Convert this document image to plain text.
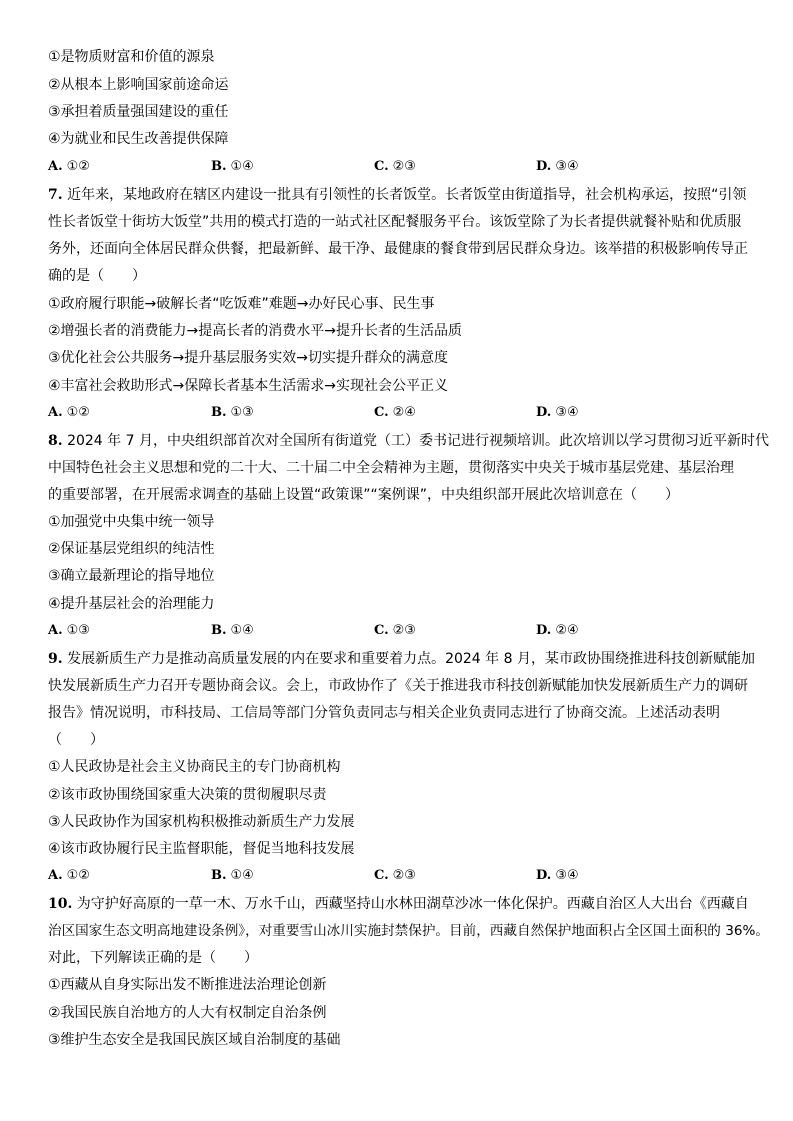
①是物质财富和价值的源泉
②从根本上影响国家前途命运
③承担着质量强国建设的重任
④为就业和民生改善提供保障
A. ①②	B. ①④	C. ②③	D. ③④
7. 近年来，某地政府在辖区内建设一批具有引领性的长者饭堂。长者饭堂由街道指导，社会机构承运，按照“引领
性长者饭堂十街坊大饭堂”共用的模式打造的一站式社区配餐服务平台。该饭堂除了为长者提供就餐补贴和优质服
务外，还面向全体居民群众供餐，把最新鲜、最干净、最健康的餐食带到居民群众身边。该举措的积极影响传导正
确的是（　　）
①政府履行职能→破解长者“吃饭难”难题→办好民心事、民生事
②增强长者的消费能力→提高长者的消费水平→提升长者的生活品质
③优化社会公共服务→提升基层服务实效→切实提升群众的满意度
④丰富社会救助形式→保障长者基本生活需求→实现社会公平正义
A. ①②	B. ①③	C. ②④	D. ③④
8. 2024 年 7 月，中央组织部首次对全国所有街道党（工）委书记进行视频培训。此次培训以学习贯彻习近平新时代
中国特色社会主义思想和党的二十大、二十届二中全会精神为主题，贯彻落实中央关于城市基层党建、基层治理
的重要部署，在开展需求调查的基础上设置“政策课”“案例课”，中央组织部开展此次培训意在（　　）
①加强党中央集中统一领导
②保证基层党组织的纯洁性
③确立最新理论的指导地位
④提升基层社会的治理能力
A. ①③	B. ①④	C. ②③	D. ②④
9. 发展新质生产力是推动高质量发展的内在要求和重要着力点。2024 年 8 月，某市政协围绕推进科技创新赋能加
快发展新质生产力召开专题协商会议。会上，市政协作了《关于推进我市科技创新赋能加快发展新质生产力的调研
报告》情况说明，市科技局、工信局等部门分管负责同志与相关企业负责同志进行了协商交流。上述活动表明
（　　）
①人民政协是社会主义协商民主的专门协商机构
②该市政协围绕国家重大决策的贯彻履职尽责
③人民政协作为国家机构积极推动新质生产力发展
④该市政协履行民主监督职能，督促当地科技发展
A. ①②	B. ①④	C. ②③	D. ③④
10. 为守护好高原的一草一木、万水千山，西藏坚持山水林田湖草沙冰一体化保护。西藏自治区人大出台《西藏自
治区国家生态文明高地建设条例》，对重要雪山冰川实施封禁保护。目前，西藏自然保护地面积占全区国土面积的 36%。
对此，下列解读正确的是（　　）
①西藏从自身实际出发不断推进法治理论创新
②我国民族自治地方的人大有权制定自治条例
③维护生态安全是我国民族区域自治制度的基础
